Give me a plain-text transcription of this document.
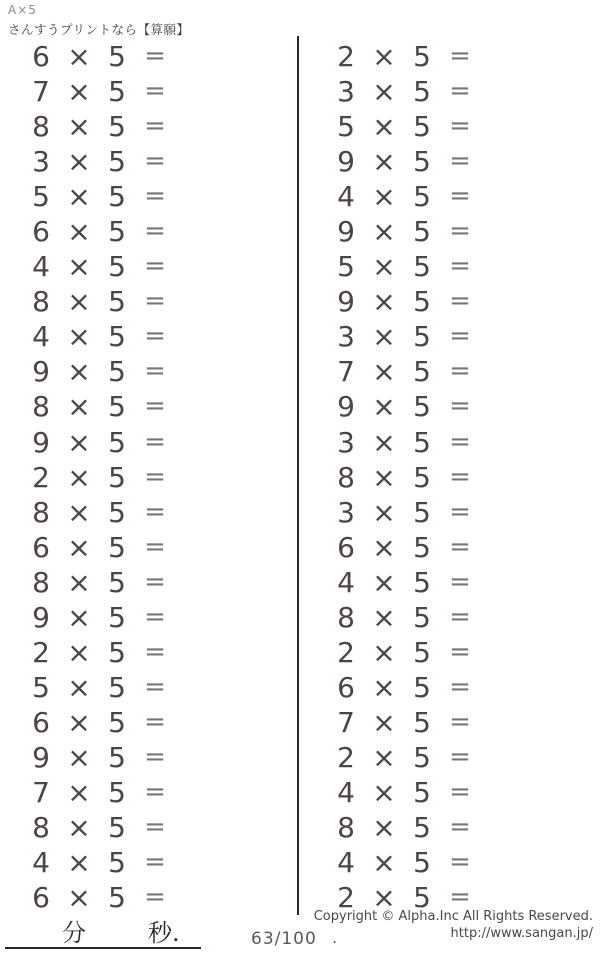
A×5
さんすうプリントなら【算願】
6 × 5 =
7 × 5 =
8 × 5 =
3 × 5 =
5 × 5 =
6 × 5 =
4 × 5 =
8 × 5 =
4 × 5 =
9 × 5 =
8 × 5 =
9 × 5 =
2 × 5 =
8 × 5 =
6 × 5 =
8 × 5 =
9 × 5 =
2 × 5 =
5 × 5 =
6 × 5 =
9 × 5 =
7 × 5 =
8 × 5 =
4 × 5 =
6 × 5 =
2 × 5 =
3 × 5 =
5 × 5 =
9 × 5 =
4 × 5 =
9 × 5 =
5 × 5 =
9 × 5 =
3 × 5 =
7 × 5 =
9 × 5 =
3 × 5 =
8 × 5 =
3 × 5 =
6 × 5 =
4 × 5 =
8 × 5 =
2 × 5 =
6 × 5 =
7 × 5 =
2 × 5 =
4 × 5 =
8 × 5 =
4 × 5 =
2 × 5 =
分	秒.	63/100 .
Copyright © Alpha.Inc All Rights Reserved.
http://www.sangan.jp/
